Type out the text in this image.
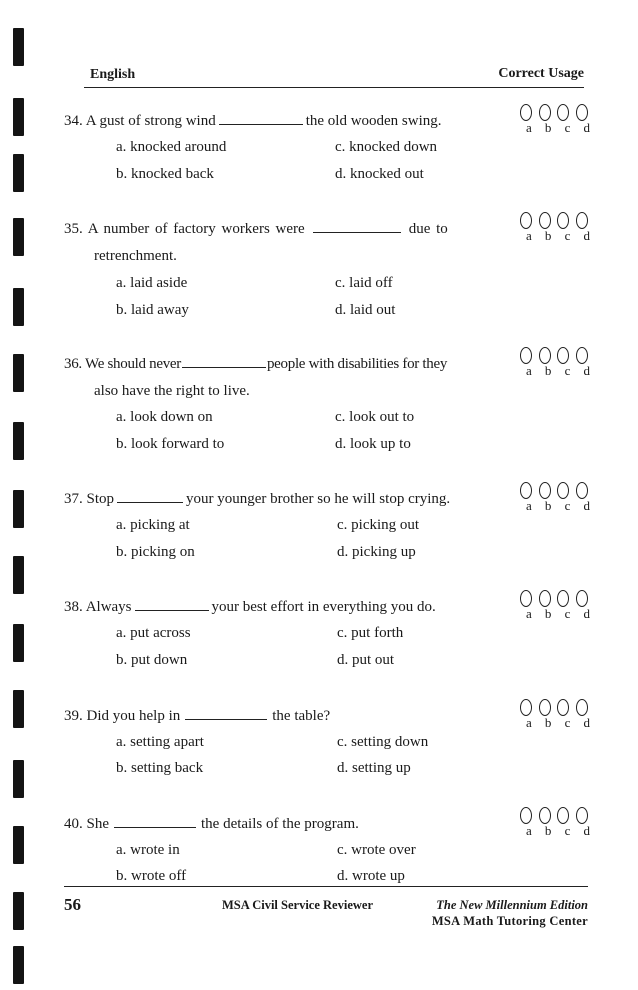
English	Correct Usage
34. A gust of strong wind	the old wooden swing.
a. knocked around
b. knocked back
c. knocked down
d. knocked out
a b c d
35. A number of factory workers were	due to
retrenchment.
a. laid aside
b. laid away
c. laid off
d. laid out
a b c d
36. We should never	people with disabilities for they
also have the right to live.
a. look down on
b. look forward to
c. look out to
d. look up to
a b c d
37. Stop	your younger brother so he will stop crying.
a. picking at
b. picking on
c. picking out
d. picking up
a b c d
38. Always	your best effort in everything you do.
a. put across
b. put down
c. put forth
d. put out
a b c d
39. Did you help in	the table?
a. setting apart
b. setting back
c. setting down
d. setting up
a b c d
40. She	the details of the program.
a. wrote in
b. wrote off
c. wrote over
d. wrote up
a b c d
56	MSA Civil Service Reviewer	The New Millennium Edition
MSA Math Tutoring Center
